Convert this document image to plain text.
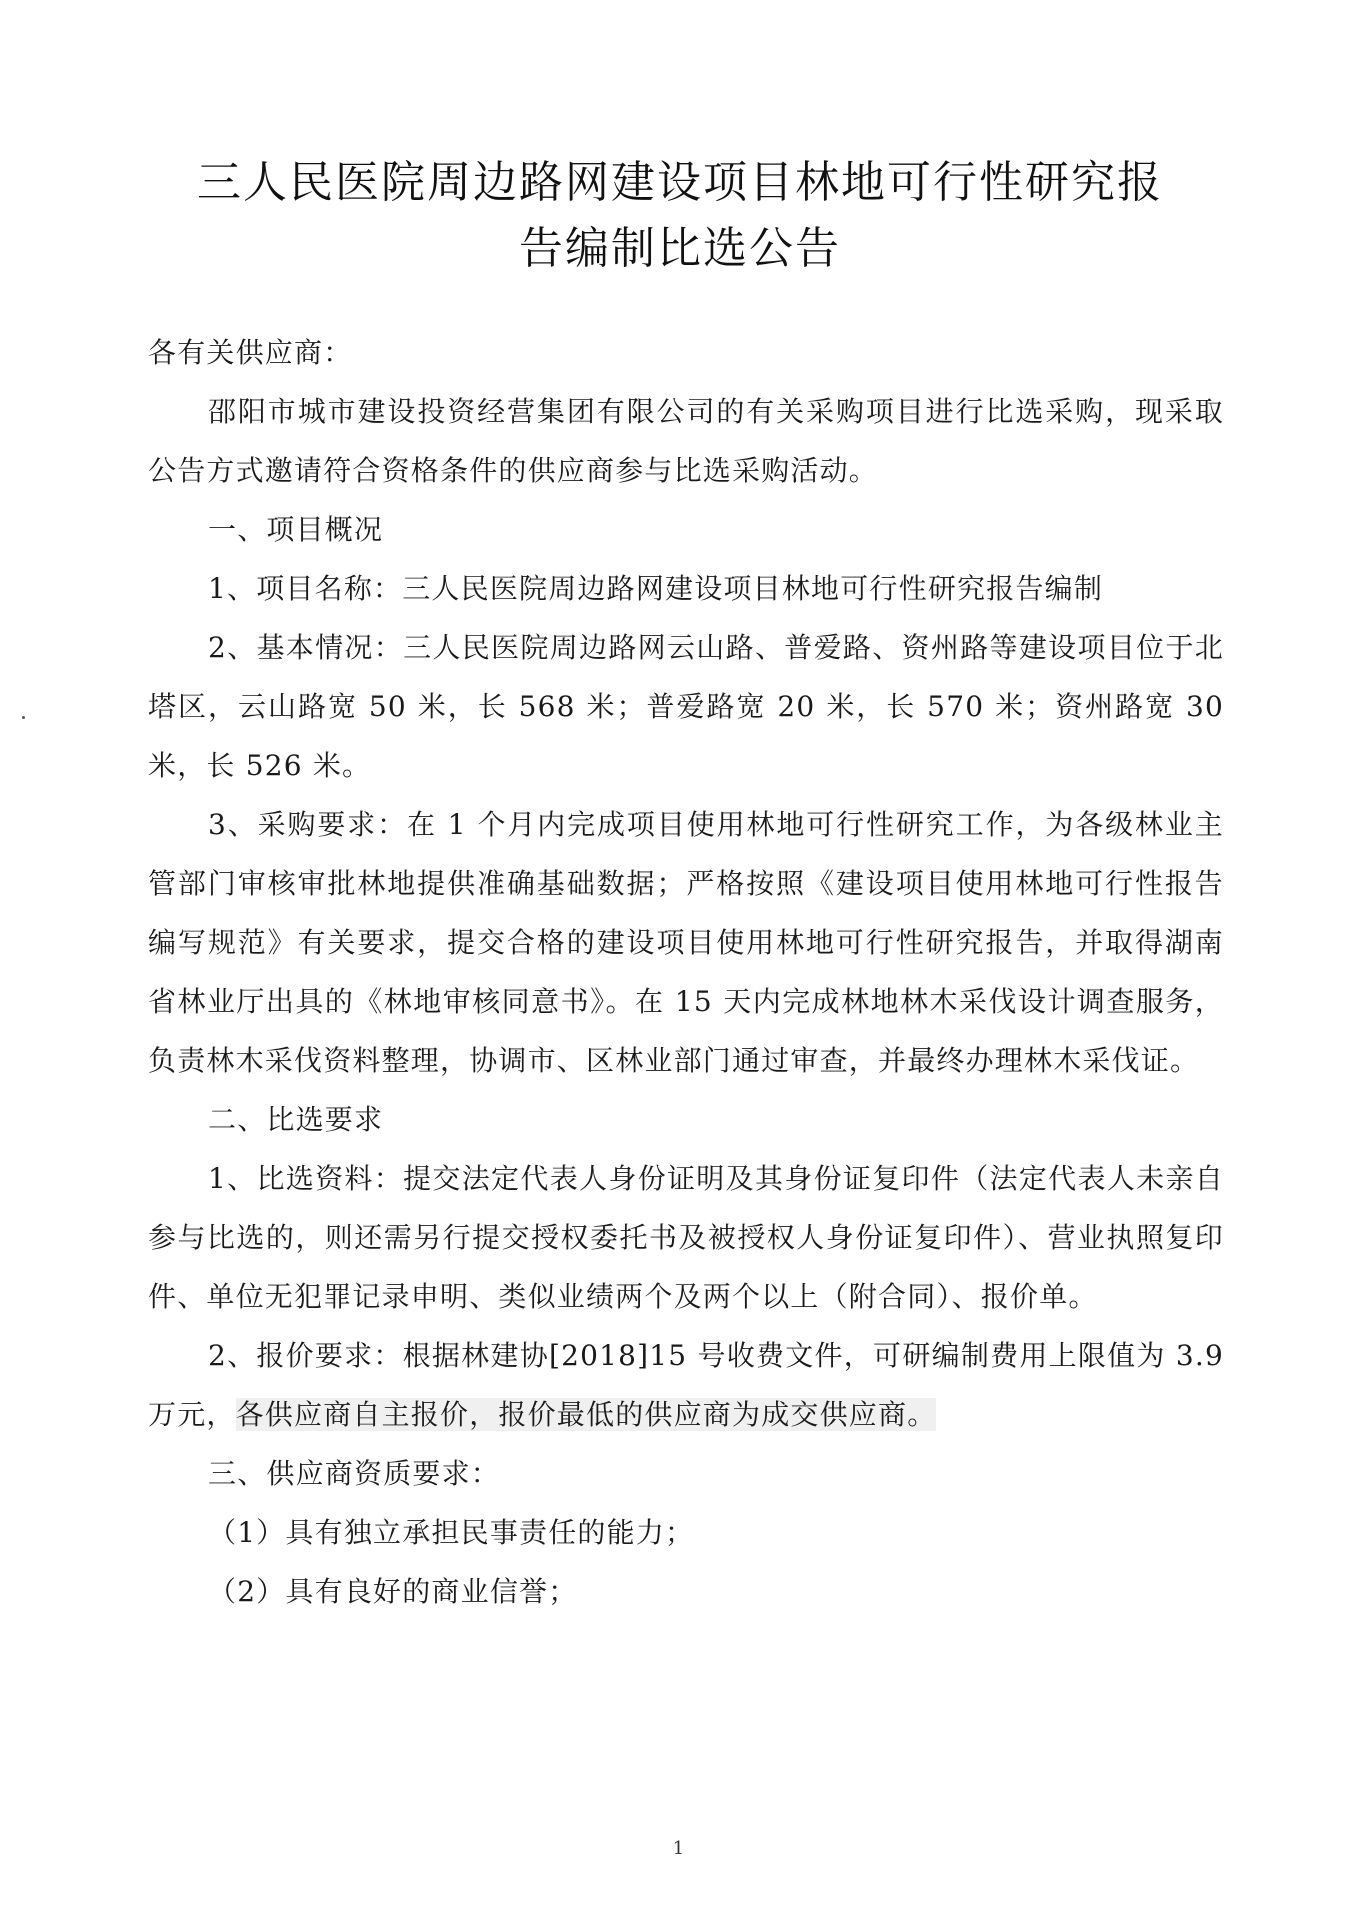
三人民医院周边路网建设项目林地可行性研究报
告编制比选公告

各有关供应商：

邵阳市城市建设投资经营集团有限公司的有关采购项目进行比选采购，现采取公告方式邀请符合资格条件的供应商参与比选采购活动。

一、项目概况

1、项目名称：三人民医院周边路网建设项目林地可行性研究报告编制

2、基本情况：三人民医院周边路网云山路、普爱路、资州路等建设项目位于北塔区，云山路宽 50 米，长 568 米；普爱路宽 20 米，长 570 米；资州路宽 30 米，长 526 米。

3、采购要求：在 1 个月内完成项目使用林地可行性研究工作，为各级林业主管部门审核审批林地提供准确基础数据；严格按照《建设项目使用林地可行性报告编写规范》有关要求，提交合格的建设项目使用林地可行性研究报告，并取得湖南省林业厅出具的《林地审核同意书》。在 15 天内完成林地林木采伐设计调查服务，负责林木采伐资料整理，协调市、区林业部门通过审查，并最终办理林木采伐证。

二、比选要求

1、比选资料：提交法定代表人身份证明及其身份证复印件（法定代表人未亲自参与比选的，则还需另行提交授权委托书及被授权人身份证复印件）、营业执照复印件、单位无犯罪记录申明、类似业绩两个及两个以上（附合同）、报价单。

2、报价要求：根据林建协[2018]15 号收费文件，可研编制费用上限值为 3.9 万元，各供应商自主报价，报价最低的供应商为成交供应商。

三、供应商资质要求：

（1）具有独立承担民事责任的能力；

（2）具有良好的商业信誉；

1
